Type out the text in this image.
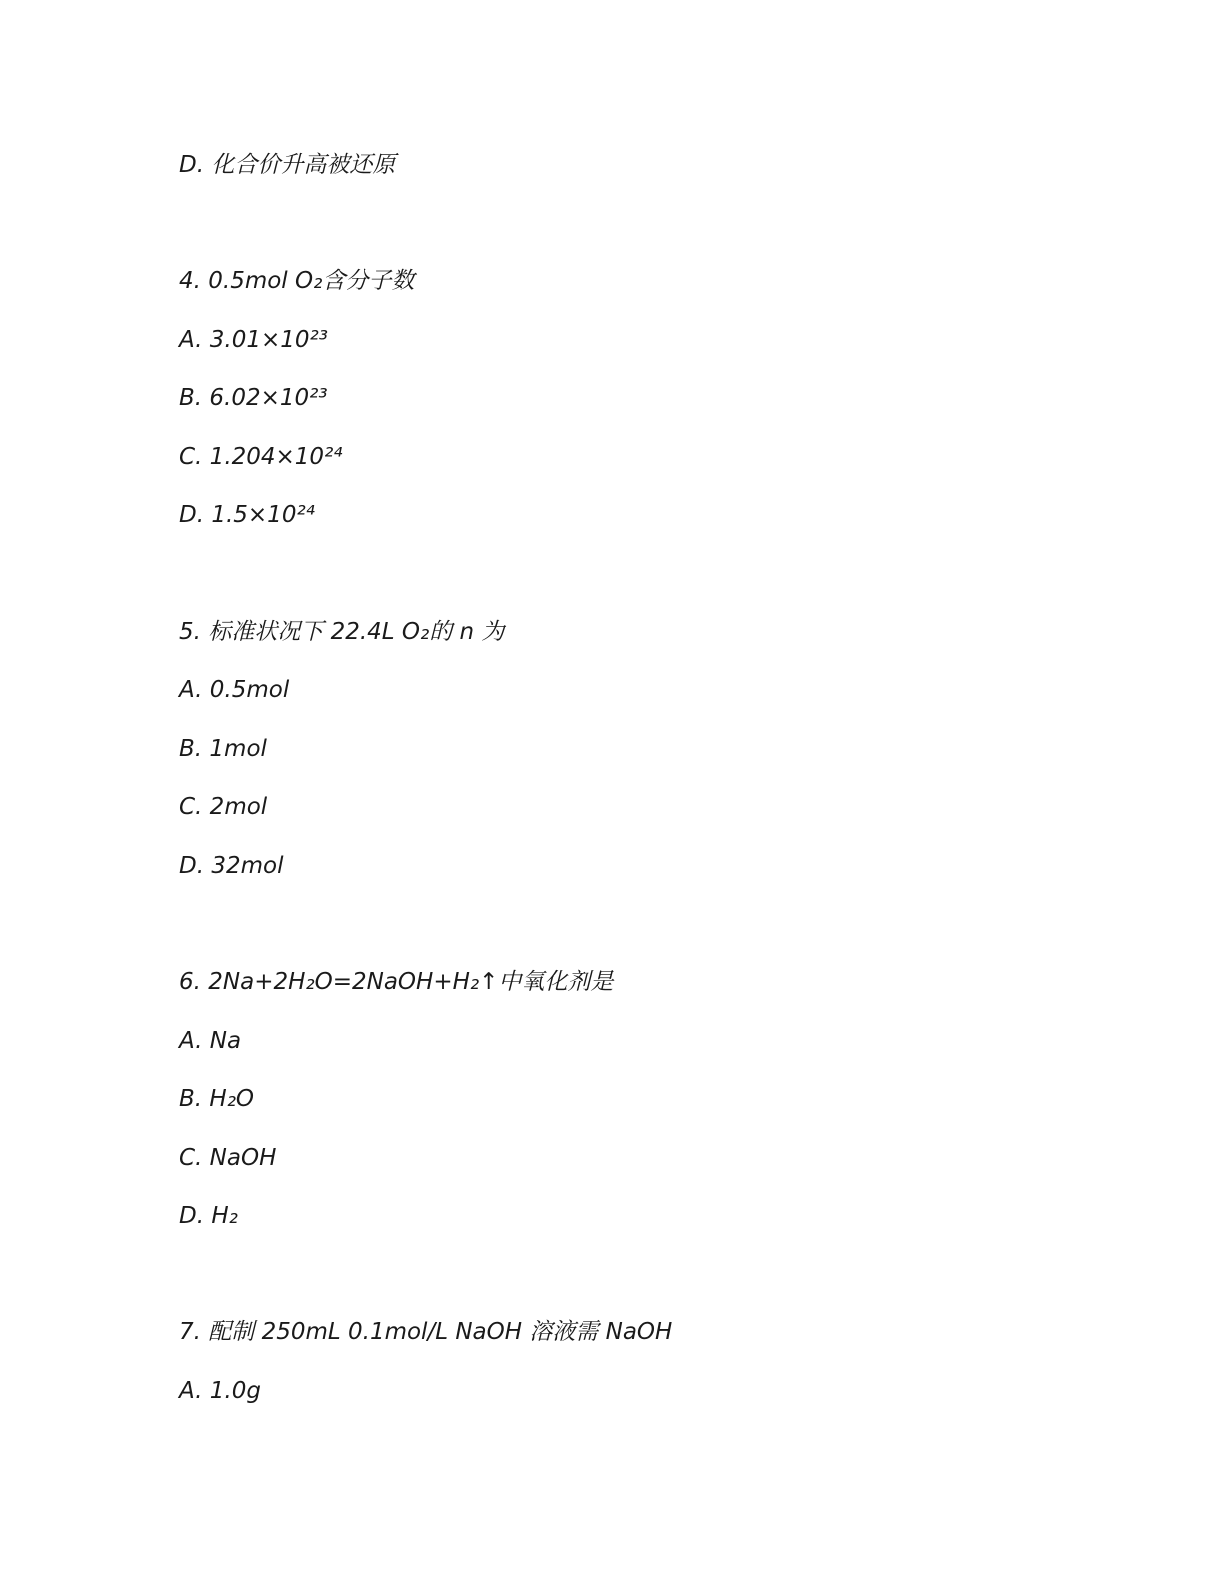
D. 化合价升高被还原
4. 0.5mol O₂含分子数
A. 3.01×10²³
B. 6.02×10²³
C. 1.204×10²⁴
D. 1.5×10²⁴
5. 标准状况下 22.4L O₂的 n 为
A. 0.5mol
B. 1mol
C. 2mol
D. 32mol
6. 2Na+2H₂O=2NaOH+H₂↑中氧化剂是
A. Na
B. H₂O
C. NaOH
D. H₂
7. 配制 250mL 0.1mol/L NaOH 溶液需 NaOH
A. 1.0g
